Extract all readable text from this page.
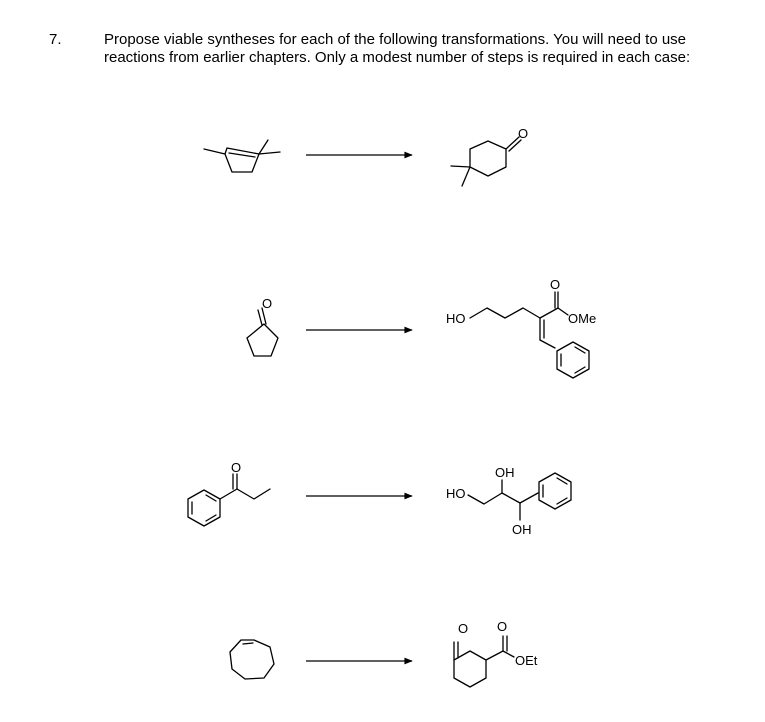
7.	Propose viable syntheses for each of the following transformations. You will need to use
reactions from earlier chapters. Only a modest number of steps is required in each case:
O
O
HO
O
OMe
O	OH
HO
OH
O O
OEt
